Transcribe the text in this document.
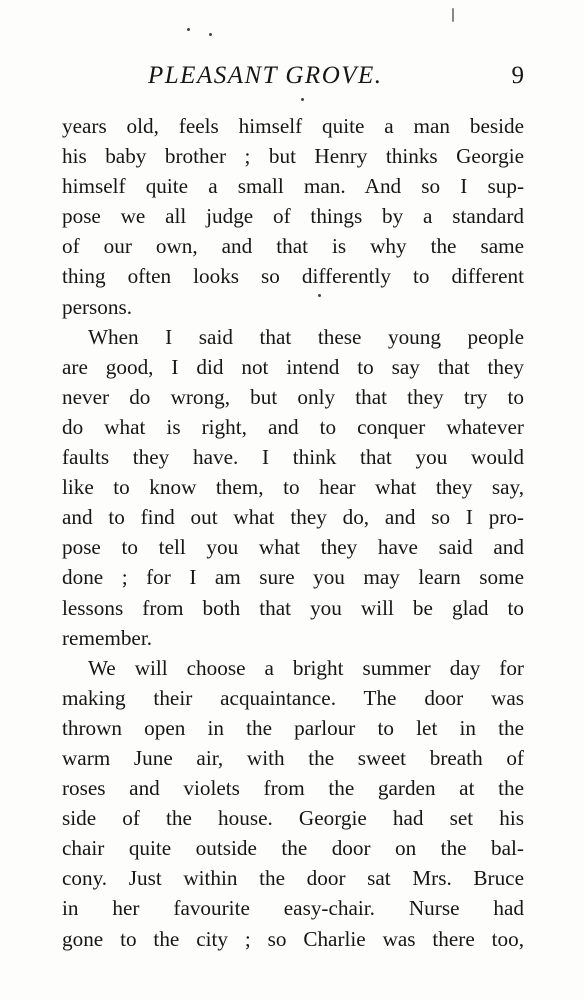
PLEASANT GROVE.	9
years old, feels himself quite a man beside
his baby brother ; but Henry thinks Georgie
himself quite a small man. And so I sup-
pose we all judge of things by a standard
of our own, and that is why the same
thing often looks so differently to different
persons.
When I said that these young people
are good, I did not intend to say that they
never do wrong, but only that they try to
do what is right, and to conquer whatever
faults they have. I think that you would
like to know them, to hear what they say,
and to find out what they do, and so I pro-
pose to tell you what they have said and
done ; for I am sure you may learn some
lessons from both that you will be glad to
remember.
We will choose a bright summer day for
making their acquaintance. The door was
thrown open in the parlour to let in the
warm June air, with the sweet breath of
roses and violets from the garden at the
side of the house. Georgie had set his
chair quite outside the door on the bal-
cony. Just within the door sat Mrs. Bruce
in her favourite easy-chair. Nurse had
gone to the city ; so Charlie was there too,
